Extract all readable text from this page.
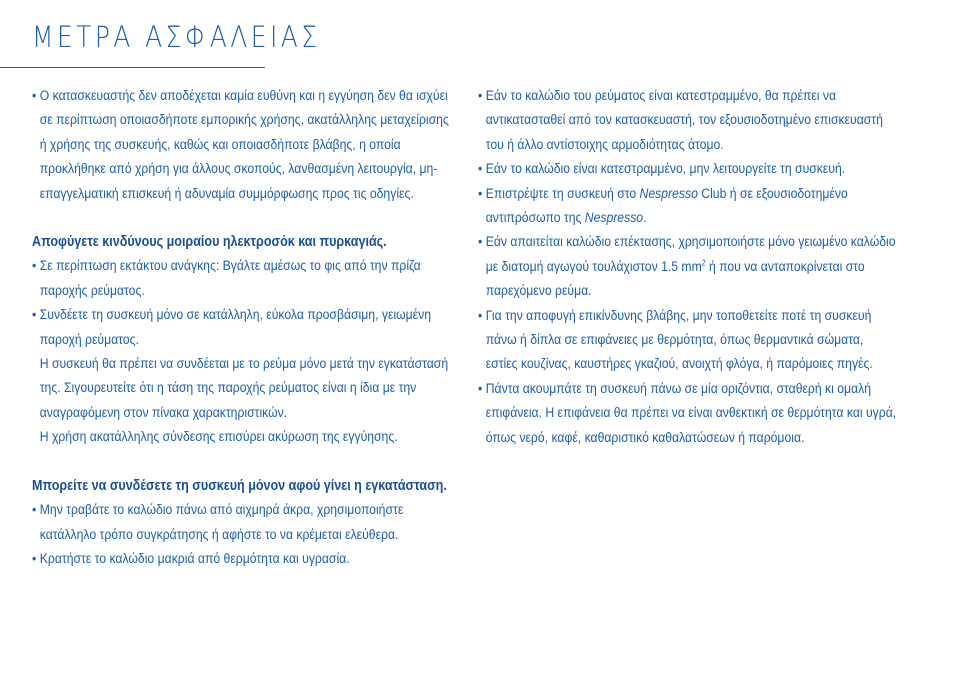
ΜΕΤΡΑ ΑΣΦΑΛΕΙΑΣ
• Ο κατασκευαστής δεν αποδέχεται καμία ευθύνη και η εγγύηση δεν θα ισχύει σε περίπτωση οποιασδήποτε εμπορικής χρήσης, ακατάλληλης μεταχείρισης ή χρήσης της συσκευής, καθώς και οποιασδήποτε βλάβης, η οποία προκλήθηκε από χρήση για άλλους σκοπούς, λανθασμένη λειτουργία, μη-επαγγελματική επισκευή ή αδυναμία συμμόρφωσης προς τις οδηγίες.
Αποφύγετε κινδύνους μοιραίου ηλεκτροσόκ και πυρκαγιάς.
• Σε περίπτωση εκτάκτου ανάγκης: Βγάλτε αμέσως το φις από την πρίζα παροχής ρεύματος.
• Συνδέετε τη συσκευή μόνο σε κατάλληλη, εύκολα προσβάσιμη, γειωμένη παροχή ρεύματος.
Η συσκευή θα πρέπει να συνδέεται με το ρεύμα μόνο μετά την εγκατάστασή της. Σιγουρευτείτε ότι η τάση της παροχής ρεύματος είναι η ίδια με την αναγραφόμενη στον πίνακα χαρακτηριστικών.
Η χρήση ακατάλληλης σύνδεσης επισύρει ακύρωση της εγγύησης.
Μπορείτε να συνδέσετε τη συσκευή μόνον αφού γίνει η εγκατάσταση.
• Μην τραβάτε το καλώδιο πάνω από αιχμηρά άκρα, χρησιμοποιήστε κατάλληλο τρόπο συγκράτησης ή αφήστε το να κρέμεται ελεύθερα.
• Κρατήστε το καλώδιο μακριά από θερμότητα και υγρασία.
• Εάν το καλώδιο του ρεύματος είναι κατεστραμμένο, θα πρέπει να αντικατασταθεί από τον κατασκευαστή, τον εξουσιοδοτημένο επισκευαστή του ή άλλο αντίστοιχης αρμοδιότητας άτομο.
• Εάν το καλώδιο είναι κατεστραμμένο, μην λειτουργείτε τη συσκευή.
• Επιστρέψτε τη συσκευή στο Nespresso Club ή σε εξουσιοδοτημένο αντιπρόσωπο της Nespresso.
• Εάν απαιτείται καλώδιο επέκτασης, χρησιμοποιήστε μόνο γειωμένο καλώδιο με διατομή αγωγού τουλάχιστον 1.5 $mm^2$ ή που να ανταποκρίνεται στο παρεχόμενο ρεύμα.
• Για την αποφυγή επικίνδυνης βλάβης, μην τοποθετείτε ποτέ τη συσκευή πάνω ή δίπλα σε επιφάνειες με θερμότητα, όπως θερμαντικά σώματα, εστίες κουζίνας, καυστήρες γκαζιού, ανοιχτή φλόγα, ή παρόμοιες πηγές.
• Πάντα ακουμπάτε τη συσκευή πάνω σε μία οριζόντια, σταθερή κι ομαλή επιφάνεια. Η επιφάνεια θα πρέπει να είναι ανθεκτική σε θερμότητα και υγρά, όπως νερό, καφέ, καθαριστικό καθαλατώσεων ή παρόμοια.
